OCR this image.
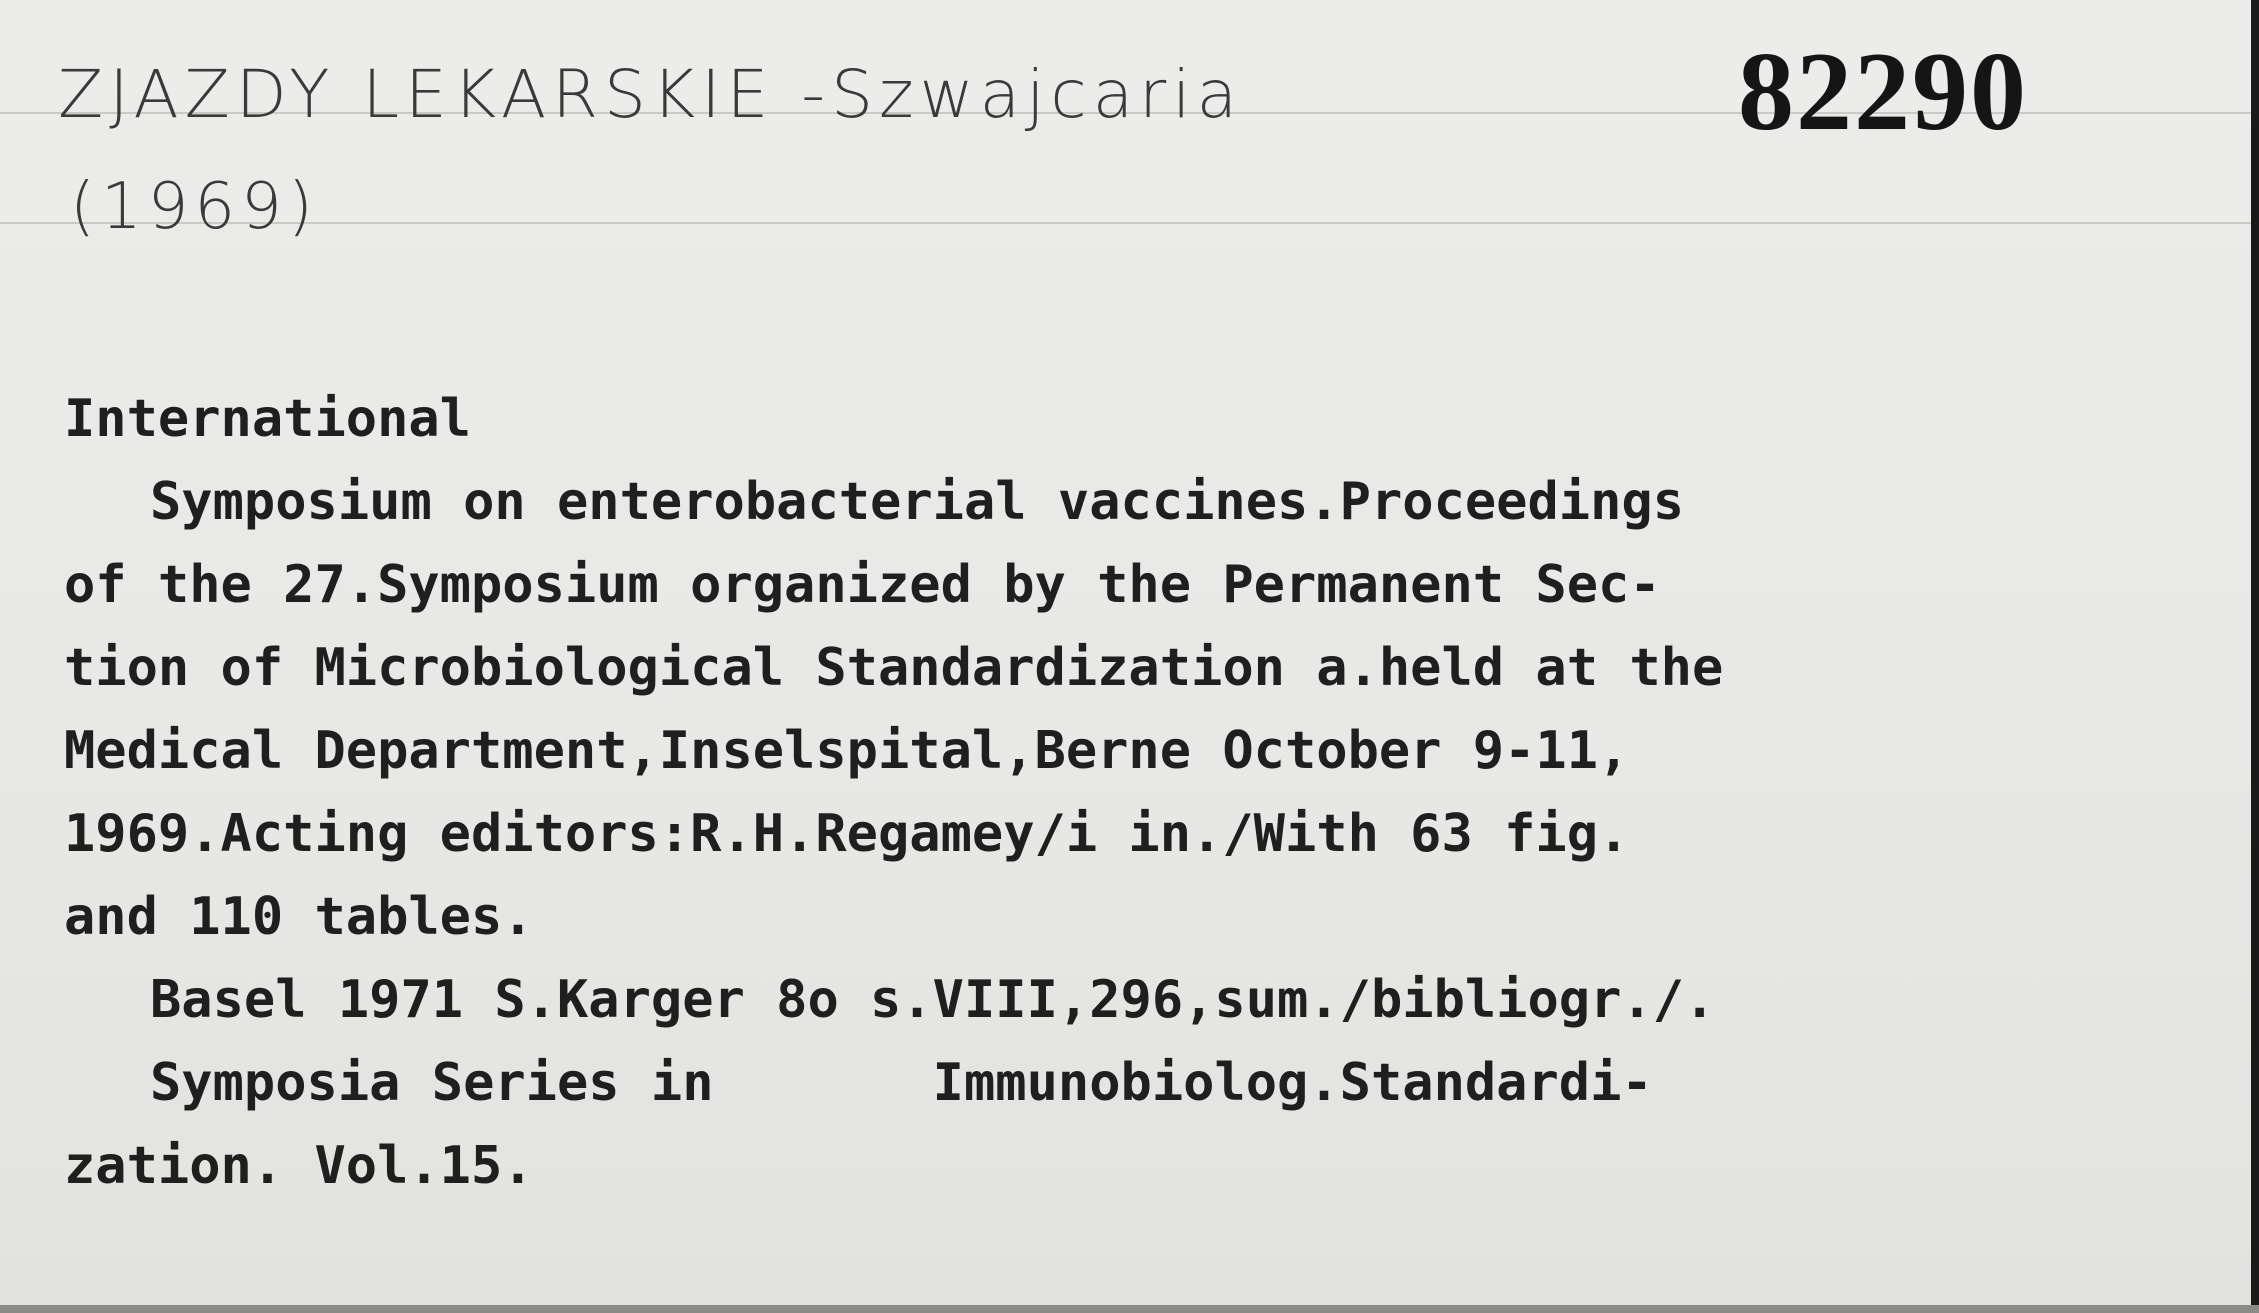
ZJAZDY LEKARSKIE -Szwajcaria
(1969)
82290
International
Symposium on enterobacterial vaccines.Proceedings
of the 27.Symposium organized by the Permanent Sec-
tion of Microbiological Standardization a.held at the
Medical Department,Inselspital,Berne October 9-11,
1969.Acting editors:R.H.Regamey/i in./With 63 fig.
and 110 tables.
Basel 1971 S.Karger 8o s.VIII,296,sum./bibliogr./.
Symposia Series in       Immunobiolog.Standardi-
zation. Vol.15.
